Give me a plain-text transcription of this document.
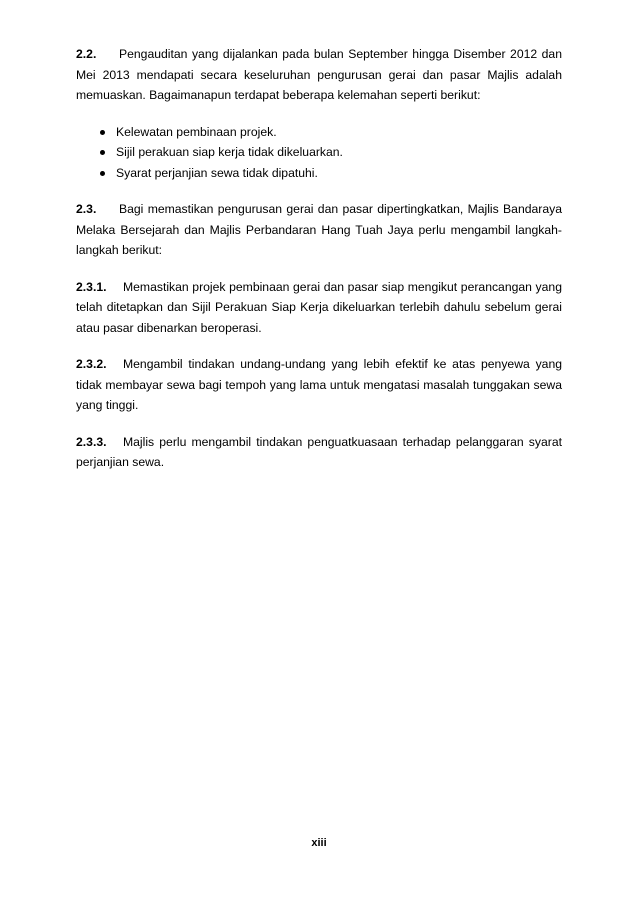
2.2. Pengauditan yang dijalankan pada bulan September hingga Disember 2012 dan Mei 2013 mendapati secara keseluruhan pengurusan gerai dan pasar Majlis adalah memuaskan. Bagaimanapun terdapat beberapa kelemahan seperti berikut:

Kelewatan pembinaan projek.
Sijil perakuan siap kerja tidak dikeluarkan.
Syarat perjanjian sewa tidak dipatuhi.

2.3. Bagi memastikan pengurusan gerai dan pasar dipertingkatkan, Majlis Bandaraya Melaka Bersejarah dan Majlis Perbandaran Hang Tuah Jaya perlu mengambil langkah-langkah berikut:

2.3.1. Memastikan projek pembinaan gerai dan pasar siap mengikut perancangan yang telah ditetapkan dan Sijil Perakuan Siap Kerja dikeluarkan terlebih dahulu sebelum gerai atau pasar dibenarkan beroperasi.

2.3.2. Mengambil tindakan undang-undang yang lebih efektif ke atas penyewa yang tidak membayar sewa bagi tempoh yang lama untuk mengatasi masalah tunggakan sewa yang tinggi.

2.3.3. Majlis perlu mengambil tindakan penguatkuasaan terhadap pelanggaran syarat perjanjian sewa.

xiii
